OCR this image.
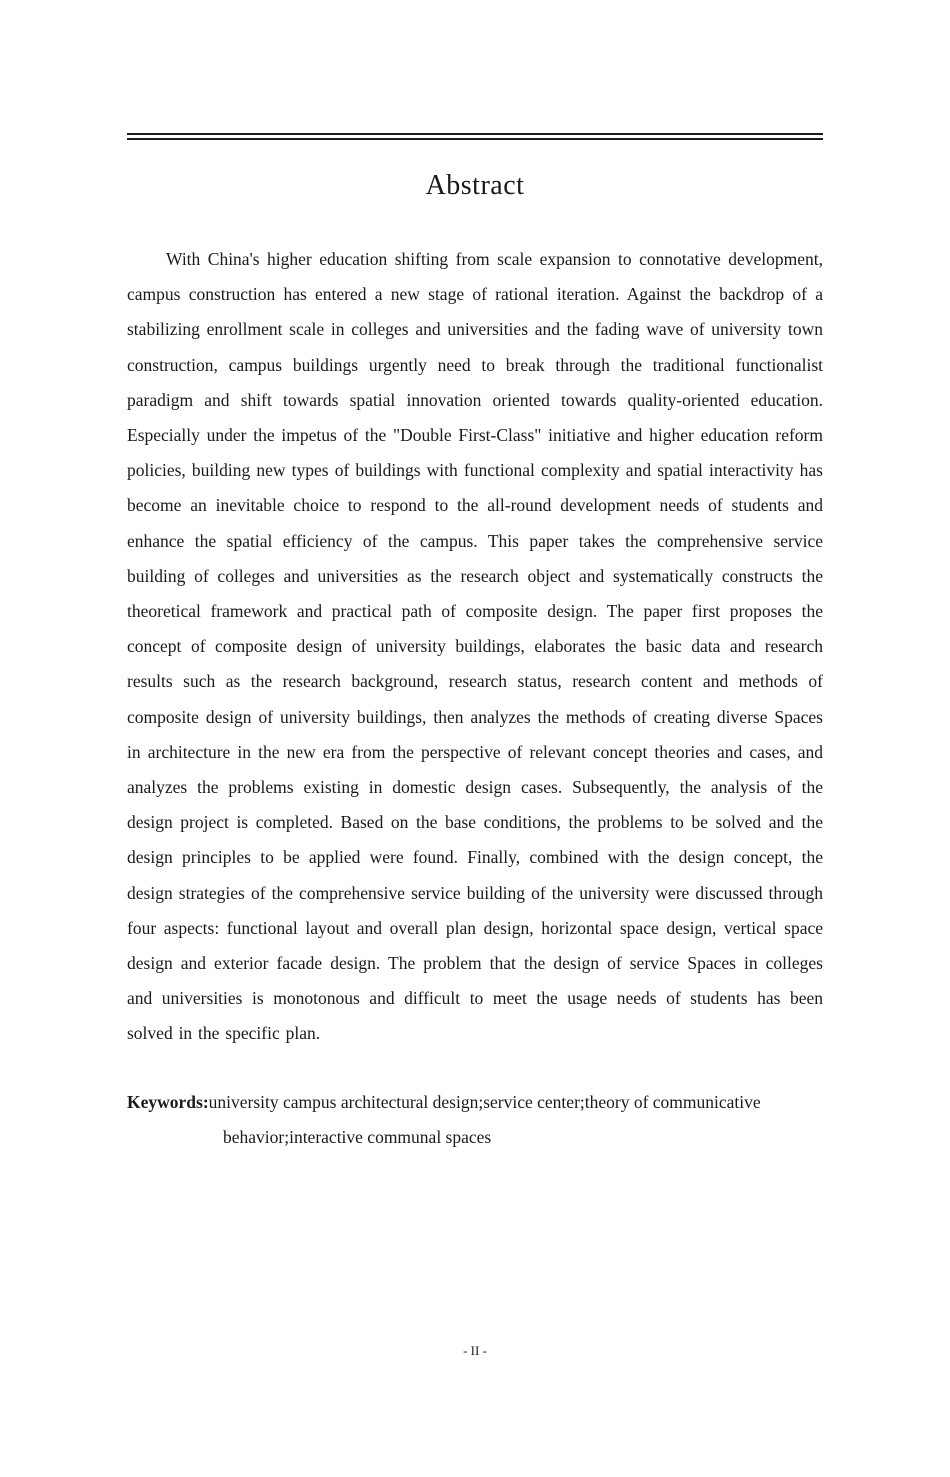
Abstract

With China's higher education shifting from scale expansion to connotative development, campus construction has entered a new stage of rational iteration. Against the backdrop of a stabilizing enrollment scale in colleges and universities and the fading wave of university town construction, campus buildings urgently need to break through the traditional functionalist paradigm and shift towards spatial innovation oriented towards quality-oriented education. Especially under the impetus of the "Double First-Class" initiative and higher education reform policies, building new types of buildings with functional complexity and spatial interactivity has become an inevitable choice to respond to the all-round development needs of students and enhance the spatial efficiency of the campus. This paper takes the comprehensive service building of colleges and universities as the research object and systematically constructs the theoretical framework and practical path of composite design. The paper first proposes the concept of composite design of university buildings, elaborates the basic data and research results such as the research background, research status, research content and methods of composite design of university buildings, then analyzes the methods of creating diverse Spaces in architecture in the new era from the perspective of relevant concept theories and cases, and analyzes the problems existing in domestic design cases. Subsequently, the analysis of the design project is completed. Based on the base conditions, the problems to be solved and the design principles to be applied were found. Finally, combined with the design concept, the design strategies of the comprehensive service building of the university were discussed through four aspects: functional layout and overall plan design, horizontal space design, vertical space design and exterior facade design. The problem that the design of service Spaces in colleges and universities is monotonous and difficult to meet the usage needs of students has been solved in the specific plan.

Keywords:university campus architectural design;service center;theory of communicative behavior;interactive communal spaces
- II -
